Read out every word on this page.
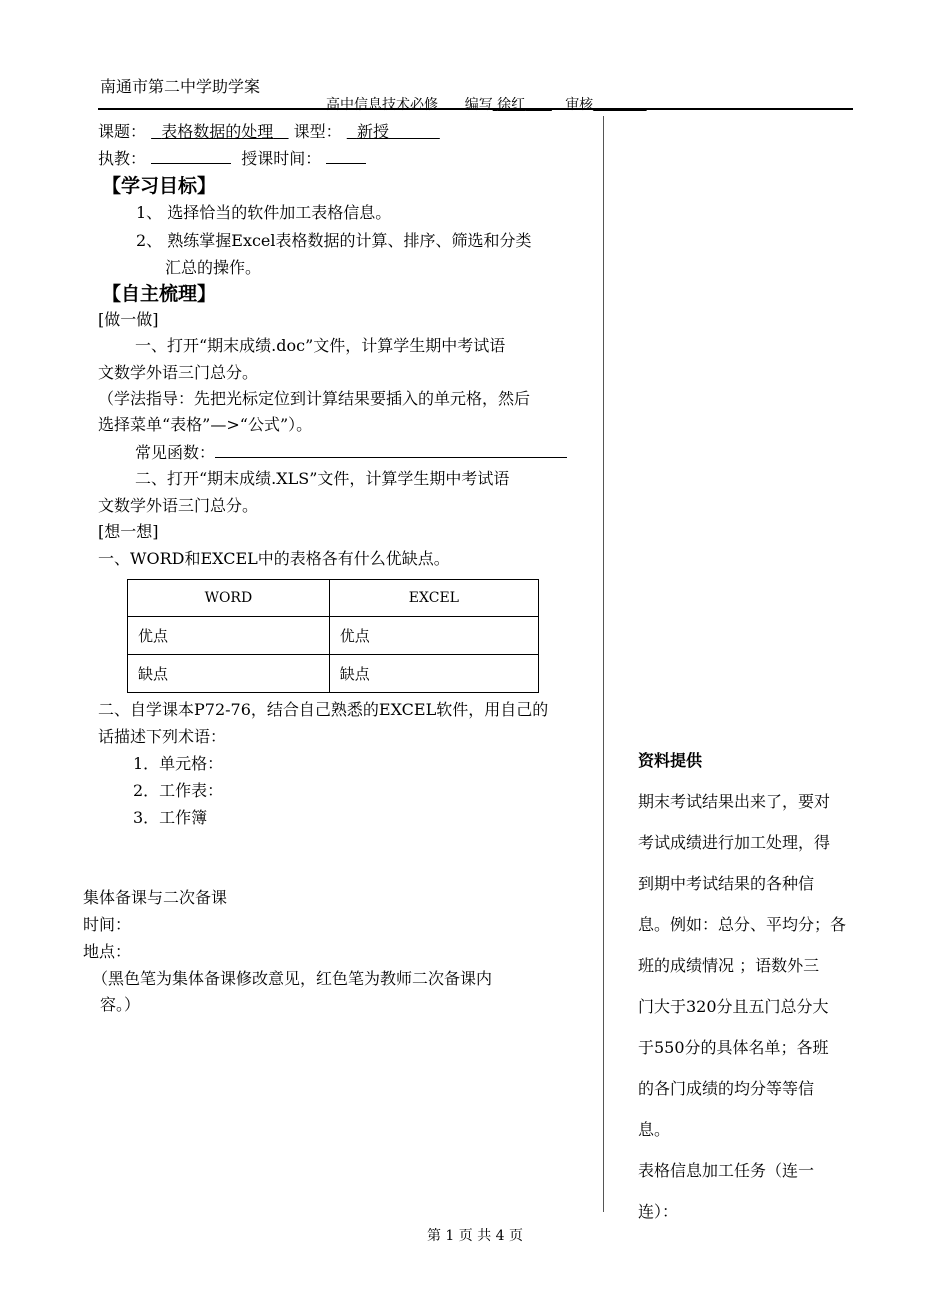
南通市第二中学助学案
高中信息技术必修 编写 徐红	审核
课题： 表格数据的处理 课型： 新授
执教：	授课时间：
【学习目标】
1、 选择恰当的软件加工表格信息。
2、 熟练掌握Excel表格数据的计算、排序、筛选和分类
汇总的操作。
【自主梳理】
[做一做]
一、打开“期末成绩.doc”文件，计算学生期中考试语
文数学外语三门总分。
（学法指导：先把光标定位到计算结果要插入的单元格，然后
选择菜单“表格”—>“公式”）。
常见函数：
二、打开“期末成绩.XLS”文件，计算学生期中考试语
文数学外语三门总分。
[想一想]
一、WORD和EXCEL中的表格各有什么优缺点。
WORD	EXCEL
优点	优点
缺点	缺点
二、自学课本P72-76，结合自己熟悉的EXCEL软件，用自己的
话描述下列术语：
1．单元格：
2．工作表：
3．工作簿
集体备课与二次备课
时间：
地点：
（黑色笔为集体备课修改意见，红色笔为教师二次备课内
容。）
资料提供
期末考试结果出来了，要对
考试成绩进行加工处理，得
到期中考试结果的各种信
息。例如：总分、平均分；各
班的成绩情况 ；语数外三
门大于320分且五门总分大
于550分的具体名单；各班
的各门成绩的均分等等信
息。
表格信息加工任务（连一
连）：
第 1 页 共 4 页
